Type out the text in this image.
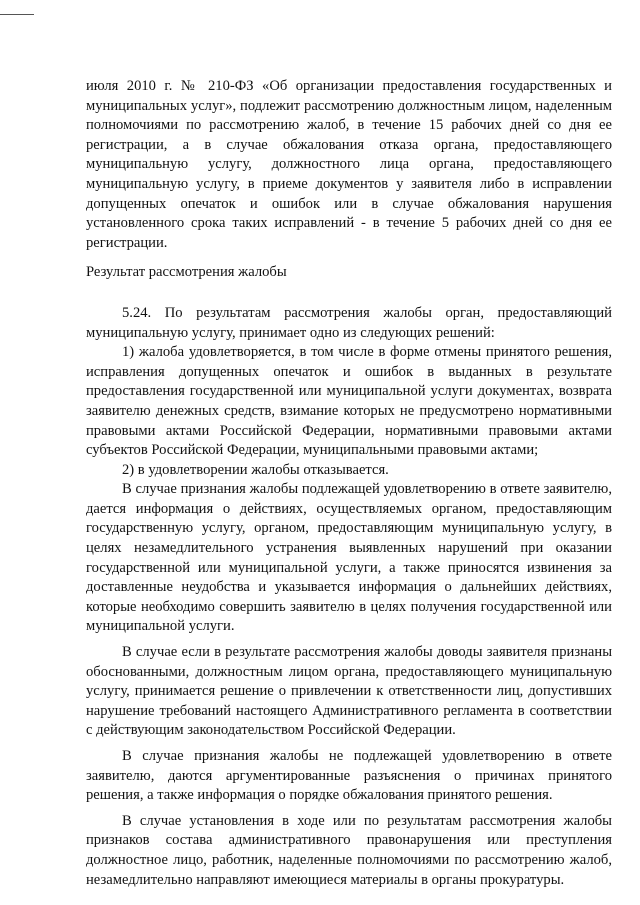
июля 2010 г. № 210-ФЗ «Об организации предоставления государственных и муниципальных услуг», подлежит рассмотрению должностным лицом, наделенным полномочиями по рассмотрению жалоб, в течение 15 рабочих дней со дня ее регистрации, а в случае обжалования отказа органа, предоставляющего муниципальную услугу, должностного лица органа, предоставляющего муниципальную услугу, в приеме документов у заявителя либо в исправлении допущенных опечаток и ошибок или в случае обжалования нарушения установленного срока таких исправлений - в течение 5 рабочих дней со дня ее регистрации.

Результат рассмотрения жалобы

5.24. По результатам рассмотрения жалобы орган, предоставляющий муниципальную услугу, принимает одно из следующих решений:

1) жалоба удовлетворяется, в том числе в форме отмены принятого решения, исправления допущенных опечаток и ошибок в выданных в результате предоставления государственной или муниципальной услуги документах, возврата заявителю денежных средств, взимание которых не предусмотрено нормативными правовыми актами Российской Федерации, нормативными правовыми актами субъектов Российской Федерации, муниципальными правовыми актами;

2) в удовлетворении жалобы отказывается.

В случае признания жалобы подлежащей удовлетворению в ответе заявителю, дается информация о действиях, осуществляемых органом, предоставляющим государственную услугу, органом, предоставляющим муниципальную услугу, в целях незамедлительного устранения выявленных нарушений при оказании государственной или муниципальной услуги, а также приносятся извинения за доставленные неудобства и указывается информация о дальнейших действиях, которые необходимо совершить заявителю в целях получения государственной или муниципальной услуги.

В случае если в результате рассмотрения жалобы доводы заявителя признаны обоснованными, должностным лицом органа, предоставляющего муниципальную услугу, принимается решение о привлечении к ответственности лиц, допустивших нарушение требований настоящего Административного регламента в соответствии с действующим законодательством Российской Федерации.

В случае признания жалобы не подлежащей удовлетворению в ответе заявителю, даются аргументированные разъяснения о причинах принятого решения, а также информация о порядке обжалования принятого решения.

В случае установления в ходе или по результатам рассмотрения жалобы признаков состава административного правонарушения или преступления должностное лицо, работник, наделенные полномочиями по рассмотрению жалоб, незамедлительно направляют имеющиеся материалы в органы прокуратуры.
